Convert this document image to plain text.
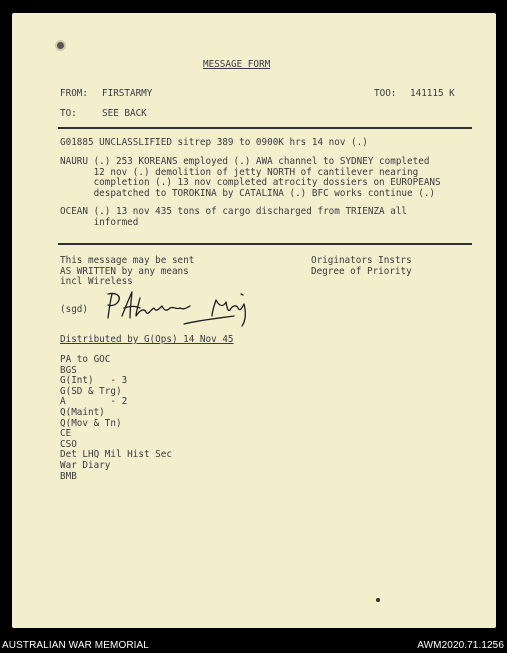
MESSAGE FORM
FROM: FIRSTARMY	TOO: 141115 K
TO:	SEE BACK
G01885 UNCLASSLIFIED sitrep 389 to 0900K hrs 14 nov (.)
NAURU (.) 253 KOREANS employed (.) AWA channel to SYDNEY completed
12 nov (.) demolition of jetty NORTH of cantilever nearing
completion (.) 13 nov completed atrocity dossiers on EUROPEANS
despatched to TOROKINA by CATALINA (.) BFC works continue (.)
OCEAN (.) 13 nov 435 tons of cargo discharged from TRIENZA all
informed
This message may be sent
AS WRITTEN by any means
incl Wireless
Originators Instrs
Degree of Priority
(sgd)
Distributed by G(Ops) 14 Nov 45
PA to GOC
BGS
G(Int)   - 3
G(SD & Trg)
A        - 2
Q(Maint)
Q(Mov & Tn)
CE
CSO
Det LHQ Mil Hist Sec
War Diary
BMB
AUSTRALIAN WAR MEMORIAL	AWM2020.71.1256
